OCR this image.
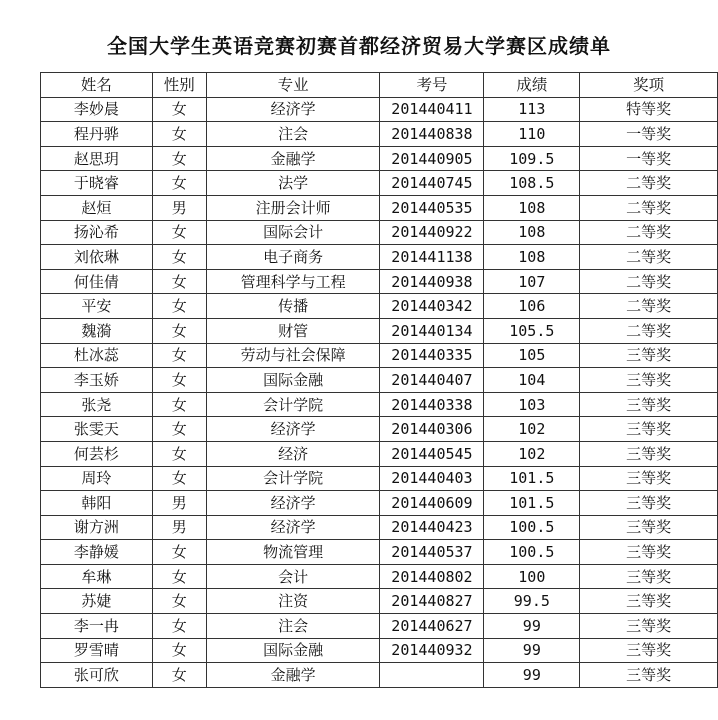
全国大学生英语竞赛初赛首都经济贸易大学赛区成绩单
姓名	性别	专业	考号	成绩	奖项
李妙晨	女	经济学	201440411	113	特等奖
程丹骅	女	注会	201440838	110	一等奖
赵思玥	女	金融学	201440905	109.5	一等奖
于晓睿	女	法学	201440745	108.5	二等奖
赵烜	男	注册会计师	201440535	108	二等奖
扬沁希	女	国际会计	201440922	108	二等奖
刘依琳	女	电子商务	201441138	108	二等奖
何佳倩	女	管理科学与工程	201440938	107	二等奖
平安	女	传播	201440342	106	二等奖
魏漪	女	财管	201440134	105.5	二等奖
杜冰蕊	女	劳动与社会保障	201440335	105	三等奖
李玉娇	女	国际金融	201440407	104	三等奖
张尧	女	会计学院	201440338	103	三等奖
张雯天	女	经济学	201440306	102	三等奖
何芸杉	女	经济	201440545	102	三等奖
周玲	女	会计学院	201440403	101.5	三等奖
韩阳	男	经济学	201440609	101.5	三等奖
谢方洲	男	经济学	201440423	100.5	三等奖
李静媛	女	物流管理	201440537	100.5	三等奖
牟琳	女	会计	201440802	100	三等奖
苏婕	女	注资	201440827	99.5	三等奖
李一冉	女	注会	201440627	99	三等奖
罗雪晴	女	国际金融	201440932	99	三等奖
张可欣	女	金融学		99	三等奖
